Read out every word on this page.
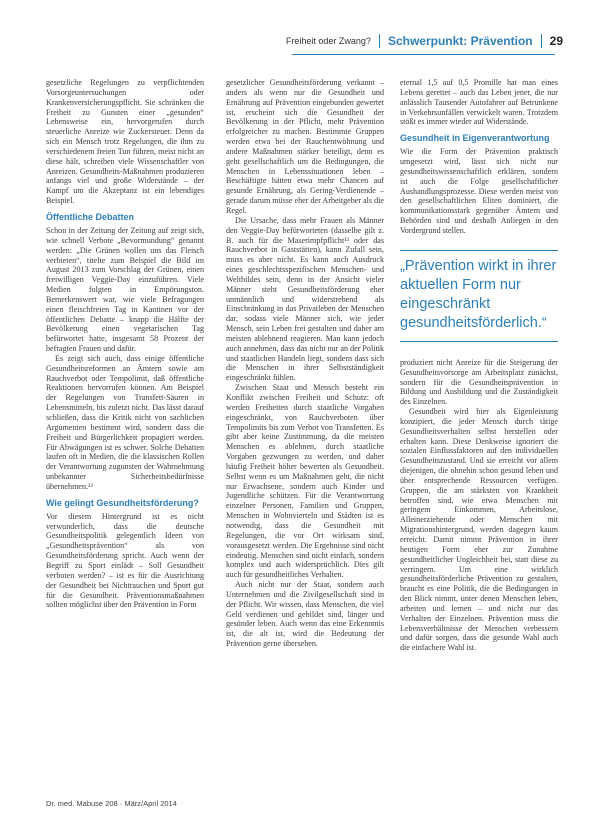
Freiheit oder Zwang? Schwerpunkt: Prävention 29

gesetzliche Regelungen zu verpflichtenden Vorsorgeuntersuchungen oder Krankenversicherungspflicht. Sie schränken die Freiheit zu Gunsten einer „gesunden“ Lebensweise ein, hervorgerufen durch steuerliche Anreize wie Zuckersteuer. Denn da sich ein Mensch trotz Regelungen, die ihm zu verschiedenem freien Tun führen, meist nicht an diese hält, schreiben viele Wissenschaftler von Anreizen. Gesundheits-Maßnahmen produzieren anfangs viel und große Widerstände – der Kampf um die Akzeptanz ist ein lebendiges Beispiel.

Öffentliche Debatten

Schon in der Zeitung der Zeitung auf zeigt sich, wie schnell Verbote „Bevormundung“ genannt werden: „Die Grünen wollen uns das Fleisch verbieten“, titelte zum Beispiel die Bild im August 2013 zum Vorschlag der Grünen, einen freiwilligen Veggie-Day einzuführen. Viele Medien folgten in Empörungston. Bemerkenswert war, wie viele Befragungen einen fleischfreien Tag in Kantinen vor der öffentlichen Debatte – knapp die Hälfte der Bevölkerung einen vegetarischen Tag befürwortet hatte, insgesamt 58 Prozent der befragten Frauen und dafür.

Es zeigt sich auch, dass einige öffentliche Gesundheitsreformen an Ämtern sowie am Rauchverbot oder Tempolimit, daß öffentliche Reaktionen hervorrufen können. Am Beispiel der Regelungen von Transfett-Säuren in Lebensmitteln, bis zuletzt nicht. Das lässt darauf schließen, dass die Kritik nicht von sachlichen Argumenten bestimmt wird, sondern dass die Freiheit und Bürgerlichkeit propagiert werden. Für Abwägungen ist es schwer. Solche Debatten laufen oft in Medien, die die klassischen Rollen der Verantwortung zugunsten der Wahrnehmung unbekannter Sicherheitsbedürfnisse übernehmen.¹²

Wie gelingt Gesundheitsförderung?

Vor diesem Hintergrund ist es nicht verwunderlich, dass die deutsche Gesundheitspolitik gelegentlich Ideen von „Gesundheitsprävention“ als von Gesundheitsförderung spricht. Auch wenn der Begriff zu Sport einlädt – Soll Gesundheit verboten werden? – ist es für die Ausrichtung der Gesundheit bei Nichtrauchen und Sport gut für die Gesundheit. Präventionsmaßnahmen sollten möglichst über den Prävention in Form

gesetzlicher Gesundheitsförderung verkannt – anders als wenn nur die Gesundheit und Ernährung auf Prävention eingebunden gewertet ist, erscheint sich die Gesundheit der Bevölkerung in der Pflicht, mehr Prävention erfolgreicher zu machen. Bestimmte Gruppen werden etwa bei der Rauchentwöhnung und andere Maßnahmen stärker beteiligt, denn es geht gesellschaftlich um die Bedingungen, die Menschen in Lebenssituationen leben – Beschäftigte hätten etwa mehr Chancen auf gesunde Ernährung, als Gering-Verdienende – gerade darum müsse eher der Arbeitgeber als die Regel.

Die Ursache, dass mehr Frauen als Männer den Veggie-Day befürworteten (dasselbe gilt z. B. auch für die Maserimpfpflicht¹³ oder das Rauchverbot in Gaststätten), kann Zufall sein, muss es aber nicht. Es kann auch Ausdruck eines geschlechtsspezifischen Menschen- und Weltbildes sein, denn in der Ansicht vieler Männer steht Gesundheitsförderung eher unmännlich und widerstrebend als Einschränkung in das Privatleben der Menschen dar, sodass viele Männer sich, wie jeder Mensch, sein Leben frei gestalten und daher am meisten ablehnend reagieren. Man kann jedoch auch annehmen, dass das nicht nur an der Politik und staatlichen Handeln liegt, sondern dass sich die Menschen in ihrer Selbstständigkeit eingeschränkt fühlen.

Zwischen Staat und Mensch besteht ein Konflikt zwischen Freiheit und Schutz: oft werden Freiheiten durch staatliche Vorgaben eingeschränkt, von Rauchverboten über Tempolimits bis zum Verbot von Transfetten. Es gibt aber keine Zustimmung, da die meisten Menschen es ablehnen, durch staatliche Vorgaben gezwungen zu werden, und daher häufig Freiheit höher bewerten als Gesundheit. Selbst wenn es um Maßnahmen geht, die nicht nur Erwachsene, sondern auch Kinder und Jugendliche schützen. Für die Verantwortung einzelner Personen, Familien und Gruppen, Menschen in Wohnvierteln und Städten ist es notwendig, dass die Gesundheit mit Regelungen, die vor Ort wirksam sind, vorausgesetzt werden. Die Ergebnisse sind nicht eindeutig. Menschen sind nicht einfach, sondern komplex und auch widersprüchlich. Dies gilt auch für gesundheitliches Verhalten.

Auch nicht nur der Staat, sondern auch Unternehmen und die Zivilgesellschaft sind in der Pflicht. Wir wissen, dass Menschen, die viel Geld verdienen und gebildet sind, länger und gesünder leben. Auch wenn das eine Erkenntnis ist, die alt ist, wird die Bedeutung der Prävention gerne übersehen.

eternal 1,5 auf 0,5 Promille hat man eines Lebens gerettet – auch das Leben jener, die nur anlässlich Tausender Autofahrer auf Betrunkene in Verkehrsunfällen verwickelt waren. Trotzdem stößt es immer wieder auf Widerstände.

Gesundheit in Eigenverantwortung

Wie die Form der Prävention praktisch umgesetzt wird, lässt sich nicht nur gesundheitswissenschaftlich erklären, sondern ist auch die Folge gesellschaftlicher Aushandlungsprozesse. Diese werden meist von den gesellschaftlichen Eliten dominiert, die kommunikationsstark gegenüber Ämtern und Behörden sind und deshalb Anliegen in den Vordergrund stellen.

„Prävention wirkt in ihrer aktuellen Form nur eingeschränkt gesundheitsförderlich.“

produziert nicht Anreize für die Steigerung der Gesundheitsvorsorge am Arbeitsplatz zunächst, sondern für die Gesundheitsprävention in Bildung und Ausbildung und die Zuständigkeit des Einzelnen.

Gesundheit wird hier als Eigenleistung konzipiert, die jeder Mensch durch tätige Gesundheitsverhalten selbst herstellen oder erhalten kann. Diese Denkweise ignoriert die sozialen Einflussfaktoren auf den individuellen Gesundheitszustand. Und sie erreicht vor allem diejenigen, die ohnehin schon gesund leben und über entsprechende Ressourcen verfügen. Gruppen, die am stärksten von Krankheit betroffen sind, wie etwa Menschen mit geringem Einkommen, Arbeitslose, Alleinerziehende oder Menschen mit Migrationshintergrund, werden dagegen kaum erreicht. Damit nimmt Prävention in ihrer heutigen Form eher zur Zunahme gesundheitlicher Ungleichheit bei, statt diese zu verringern. Um eine wirklich gesundheitsförderliche Prävention zu gestalten, braucht es eine Politik, die die Bedingungen in den Blick nimmt, unter denen Menschen leben, arbeiten und lernen – und nicht nur das Verhalten der Einzelnen. Prävention muss die Lebensverhältnisse der Menschen verbessern und dafür sorgen, dass die gesunde Wahl auch die einfachere Wahl ist.

Dr. med. Mabuse 208 · März/April 2014
